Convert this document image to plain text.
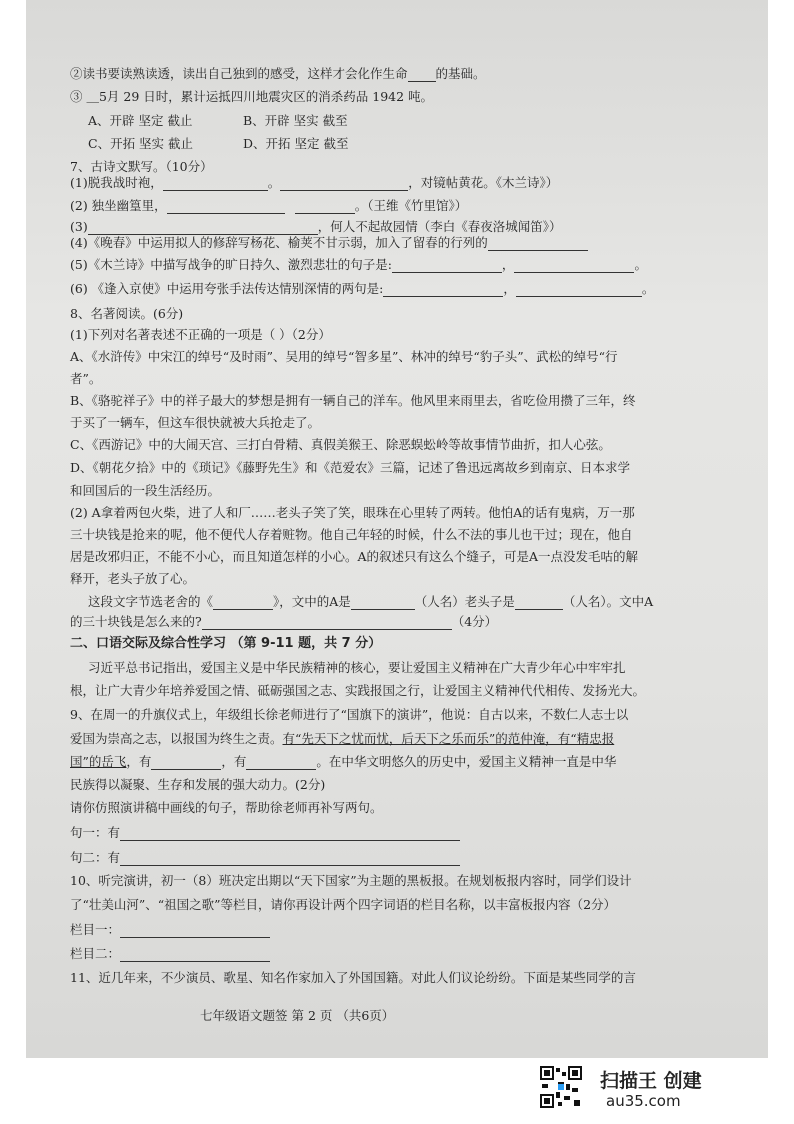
②读书要读熟读透，读出自己独到的感受，这样才会化作生命 的基础。
③ ＿5月 29 日时，累计运抵四川地震灾区的消杀药品 1942 吨。
A、开辟 坚定 截止	B、开辟 坚实 截至
C、开拓 坚实 截止	D、开拓 坚定 截至
7、古诗文默写。（10分）
(1)脱我战时袍，	。	，对镜帖黄花。《木兰诗》）
(2) 独坐幽篁里，	。（王维《竹里馆》）
(3)	，何人不起故园情（李白《春夜洛城闻笛》）
(4)《晚春》中运用拟人的修辞写杨花、榆荚不甘示弱，加入了留春的行列的
(5)《木兰诗》中描写战争的旷日持久、激烈悲壮的句子是:	，	。
(6) 《逢入京使》中运用夸张手法传达情别深情的两句是:	，	。
8、名著阅读。(6分)
(1)下列对名著表述不正确的一项是（ ）（2分）
A、《水浒传》中宋江的绰号“及时雨”、吴用的绰号“智多星”、林冲的绰号“豹子头”、武松的绰号“行
者”。
B、《骆驼祥子》中的祥子最大的梦想是拥有一辆自己的洋车。他风里来雨里去，省吃俭用攒了三年，终
于买了一辆车，但这车很快就被大兵抢走了。
C、《西游记》中的大闹天宫、三打白骨精、真假美猴王、除恶蜈蚣岭等故事情节曲折，扣人心弦。
D、《朝花夕拾》中的《琐记》《藤野先生》和《范爱农》三篇，记述了鲁迅远离故乡到南京、日本求学
和回国后的一段生活经历。
(2) A拿着两包火柴，进了人和厂……老头子笑了笑，眼珠在心里转了两转。他怕A的话有鬼病，万一那
三十块钱是抢来的呢，他不便代人存着赃物。他自己年轻的时候，什么不法的事儿也干过；现在，他自
居是改邪归正，不能不小心，而且知道怎样的小心。A的叙述只有这么个缝子，可是A一点没发毛咕的解
释开，老头子放了心。
这段文字节选老舍的《	》，文中的A是	（人名）老头子是	（人名）。文中A
的三十块钱是怎么来的?	（4分）
二、口语交际及综合性学习 （第 9-11 题，共 7 分）
习近平总书记指出，爱国主义是中华民族精神的核心，要让爱国主义精神在广大青少年心中牢牢扎
根，让广大青少年培养爱国之情、砥砺强国之志、实践报国之行，让爱国主义精神代代相传、发扬光大。
9、在周一的升旗仪式上，年级组长徐老师进行了“国旗下的演讲”，他说：自古以来，不数仁人志士以
爱国为崇高之志，以报国为终生之责。有“先天下之忧而忧，后天下之乐而乐”的范仲淹，有“精忠报
国”的岳飞，有	，有	。在中华文明悠久的历史中，爱国主义精神一直是中华
民族得以凝聚、生存和发展的强大动力。(2分)
请你仿照演讲稿中画线的句子，帮助徐老师再补写两句。
句一：有
句二：有
10、听完演讲，初一（8）班决定出期以“天下国家”为主题的黑板报。在规划板报内容时，同学们设计
了“壮美山河”、“祖国之歌”等栏目，请你再设计两个四字词语的栏目名称，以丰富板报内容（2分）
栏目一：
栏目二：
11、近几年来，不少演员、歌星、知名作家加入了外国国籍。对此人们议论纷纷。下面是某些同学的言
七年级语文题签 第 2 页 （共6页）
扫描王 创建
au35.com
